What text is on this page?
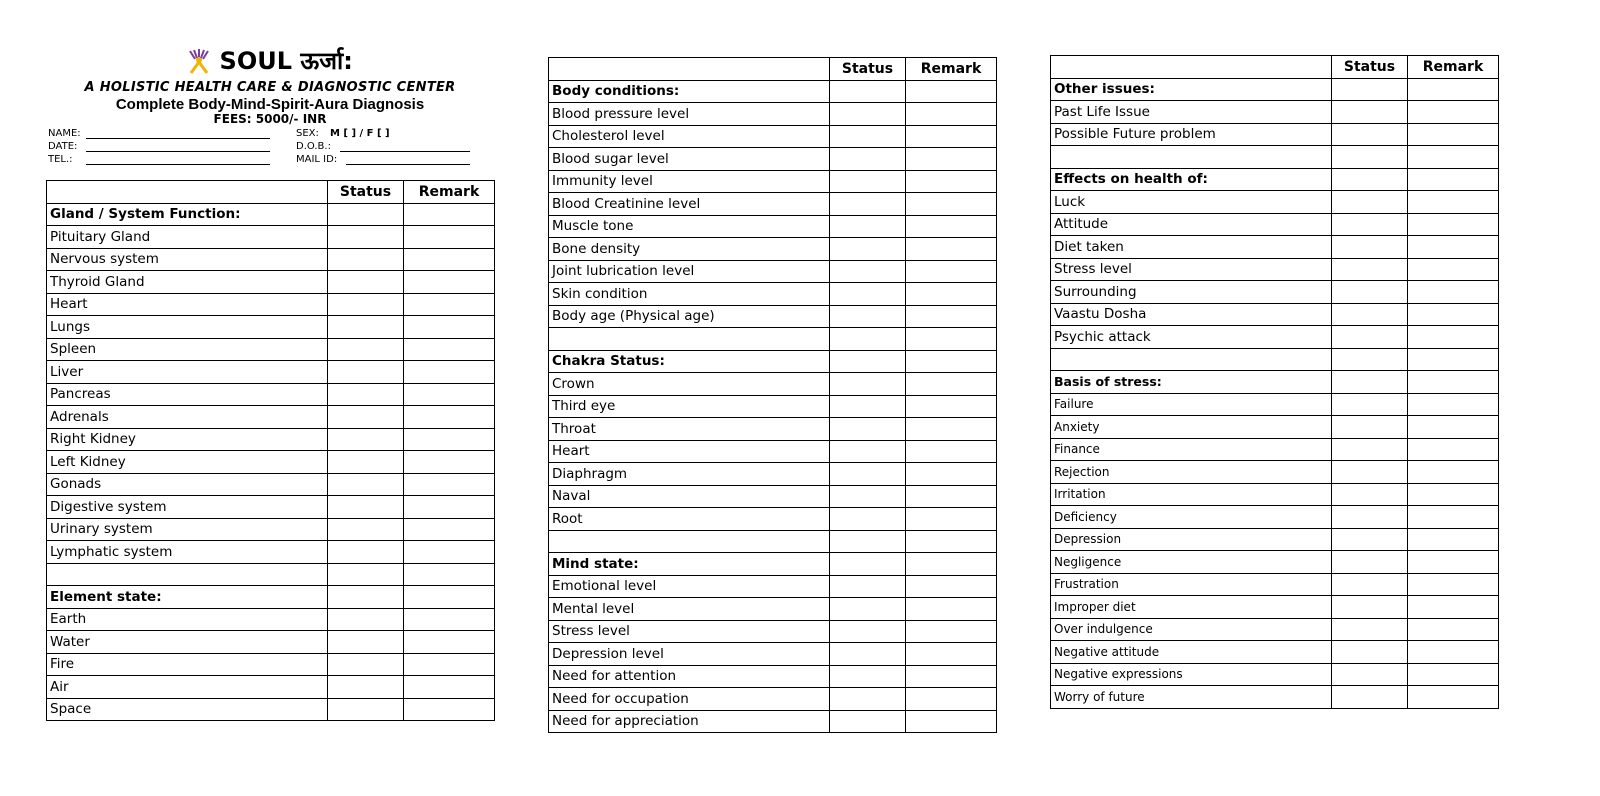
SOUL ऊर्जा:
A HOLISTIC HEALTH CARE & DIAGNOSTIC CENTER
Complete Body-Mind-Spirit-Aura Diagnosis
FEES: 5000/- INR
NAME:	SEX: M [ ] / F [ ]
DATE:	D.O.B.:
TEL.:	MAIL ID:
	Status	Remark
Gland / System Function:		
Pituitary Gland		
Nervous system		
Thyroid Gland		
Heart		
Lungs		
Spleen		
Liver		
Pancreas		
Adrenals		
Right Kidney		
Left Kidney		
Gonads		
Digestive system		
Urinary system		
Lymphatic system		

Element state:		
Earth		
Water		
Fire		
Air		
Space		
	Status	Remark
Body conditions:		
Blood pressure level		
Cholesterol level		
Blood sugar level		
Immunity level		
Blood Creatinine level		
Muscle tone		
Bone density		
Joint lubrication level		
Skin condition		
Body age (Physical age)		

Chakra Status:		
Crown		
Third eye		
Throat		
Heart		
Diaphragm		
Naval		
Root		

Mind state:		
Emotional level		
Mental level		
Stress level		
Depression level		
Need for attention		
Need for occupation		
Need for appreciation		
	Status	Remark
Other issues:		
Past Life Issue		
Possible Future problem		

Effects on health of:		
Luck		
Attitude		
Diet taken		
Stress level		
Surrounding		
Vaastu Dosha		
Psychic attack		

Basis of stress:		
Failure		
Anxiety		
Finance		
Rejection		
Irritation		
Deficiency		
Depression		
Negligence		
Frustration		
Improper diet		
Over indulgence		
Negative attitude		
Negative expressions		
Worry of future		
